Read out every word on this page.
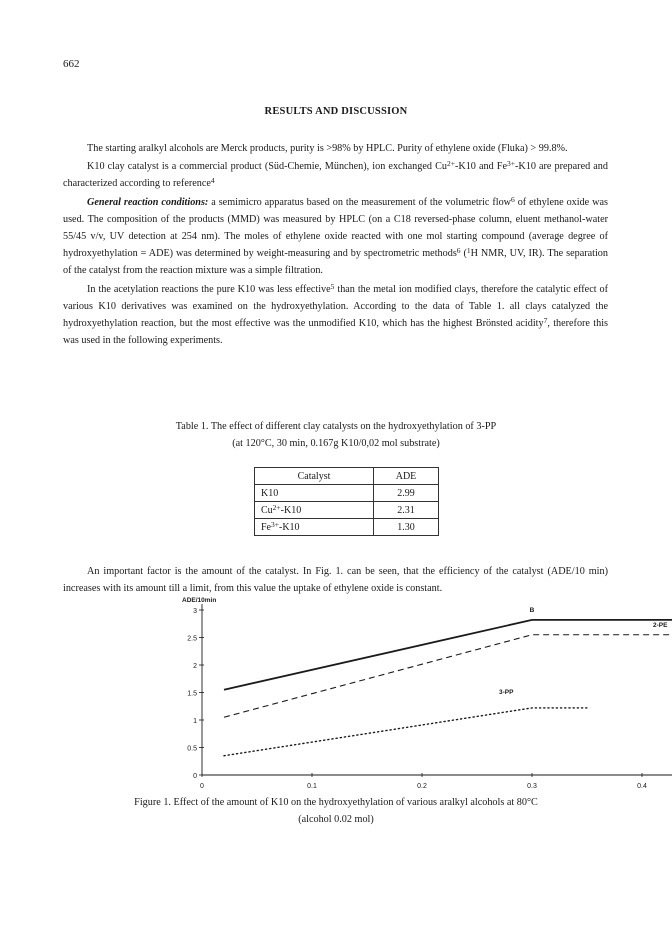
662
RESULTS AND DISCUSSION

The starting aralkyl alcohols are Merck products, purity is >98% by HPLC. Purity of ethylene oxide (Fluka) > 99.8%.

K10 clay catalyst is a commercial product (Süd-Chemie, München), ion exchanged $Cu^{2+}-K10$ and $Fe^{3+}-K10$ are prepared and characterized according to reference$^4$

General reaction conditions: a semimicro apparatus based on the measurement of the volumetric flow$^6$ of ethylene oxide was used. The composition of the products (MMD) was measured by HPLC (on a C18 reversed-phase column, eluent methanol-water 55/45 v/v, UV detection at 254 nm). The moles of ethylene oxide reacted with one mol starting compound (average degree of hydroxyethylation = ADE) was determined by weight-measuring and by spectrometric methods$^6$ ($^1$H NMR, UV, IR). The separation of the catalyst from the reaction mixture was a simple filtration.

In the acetylation reactions the pure K10 was less effective$^5$ than the metal ion modified clays, therefore the catalytic effect of various K10 derivatives was examined on the hydroxyethylation. According to the data of Table 1. all clays catalyzed the hydroxyethylation reaction, but the most effective was the unmodified K10, which has the highest Brönsted acidity$^7$, therefore this was used in the following experiments.

Table 1. The effect of different clay catalysts on the hydroxyethylation of 3-PP
(at 120°C, 30 min, 0.167g K10/0,02 mol substrate)
Catalyst	ADE
K10	2.99
$Cu^{2+}-K10$	2.31
$Fe^{3+}-K10$	1.30

An important factor is the amount of the catalyst. In Fig. 1. can be seen, that the efficiency of the catalyst (ADE/10 min) increases with its amount till a limit, from this value the uptake of ethylene oxide is constant.

0
0.5
1
1.5
2
2.5
3
0	0.1	0.2	0.3	0.4
ADE/10min
B
2-PE
3-PP
Figure 1. Effect of the amount of K10 on the hydroxyethylation of various aralkyl alcohols at 80°C
(alcohol 0.02 mol)
